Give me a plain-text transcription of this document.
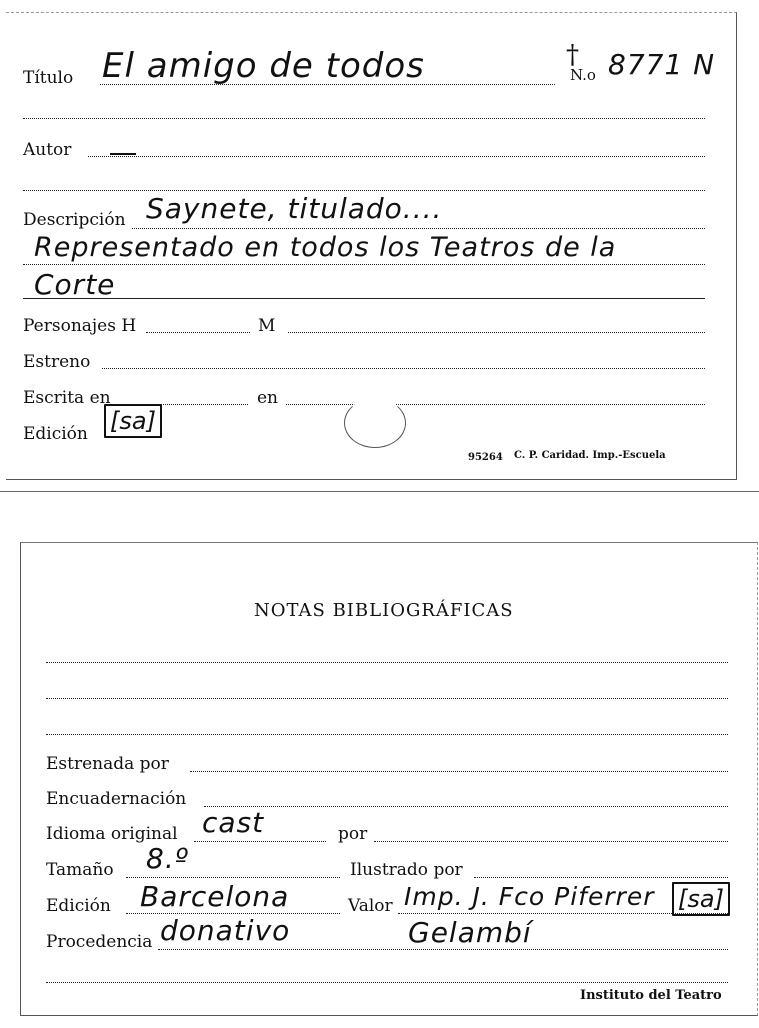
Título El amigo de todos	†
N.o 8771 N
Autor
Descripción Saynete, titulado....
Representado en todos los Teatros de la
Corte
Personajes H	M
Estreno
Escrita en	en
Edición [sa]
95264 C. P. Caridad. Imp.-Escuela
NOTAS BIBLIOGRÁFICAS
Estrenada por
Encuadernación
Idioma original cast	por
Tamaño 8.º	Ilustrado por
Edición Barcelona	Valor Imp. J. Fco Piferrer [sa]
Procedencia donativo	Gelambí
Instituto del Teatro
